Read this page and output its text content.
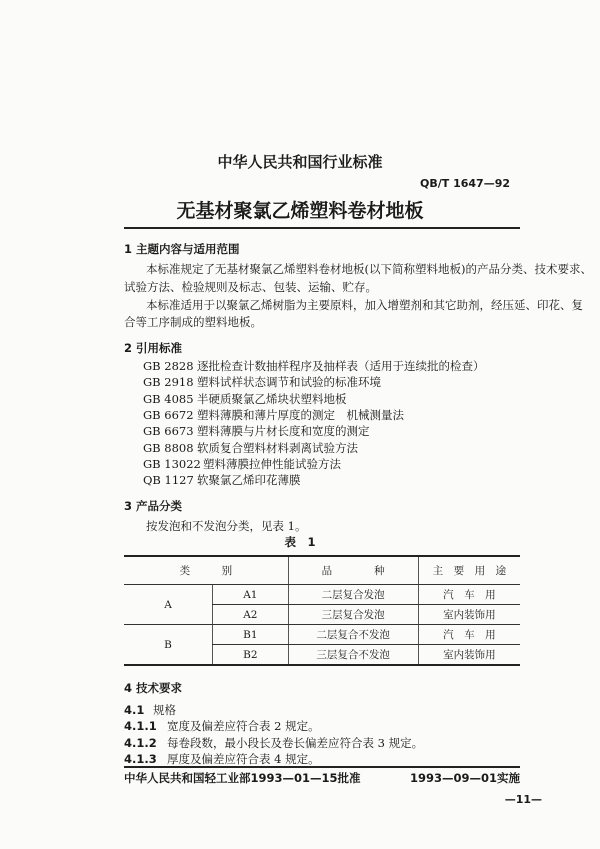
中华人民共和国行业标准
QB/T 1647—92
无基材聚氯乙烯塑料卷材地板
1 主题内容与适用范围
本标准规定了无基材聚氯乙烯塑料卷材地板(以下简称塑料地板)的产品分类、技术要求、
试验方法、检验规则及标志、包装、运输、贮存。
本标准适用于以聚氯乙烯树脂为主要原料，加入增塑剂和其它助剂，经压延、印花、复
合等工序制成的塑料地板。
2 引用标准
GB 2828 逐批检查计数抽样程序及抽样表（适用于连续批的检查）
GB 2918 塑料试样状态调节和试验的标准环境
GB 4085 半硬质聚氯乙烯块状塑料地板
GB 6672 塑料薄膜和薄片厚度的测定　机械测量法
GB 6673 塑料薄膜与片材长度和宽度的测定
GB 8808 软质复合塑料材料剥离试验方法
GB 13022 塑料薄膜拉伸性能试验方法
QB 1127 软聚氯乙烯印花薄膜
3 产品分类
按发泡和不发泡分类，见表 1。
表　1
类　　　别	品　　　　种	主　要　用　途
A	A1	二层复合发泡	汽　车　用
A2	三层复合发泡	室内装饰用
B	B1	二层复合不发泡	汽　车　用
B2	三层复合不发泡	室内装饰用
4 技术要求
4.1 规格
4.1.1 宽度及偏差应符合表 2 规定。
4.1.2 每卷段数，最小段长及卷长偏差应符合表 3 规定。
4.1.3 厚度及偏差应符合表 4 规定。
中华人民共和国轻工业部1993—01—15批准	1993—09—01实施
—11—
